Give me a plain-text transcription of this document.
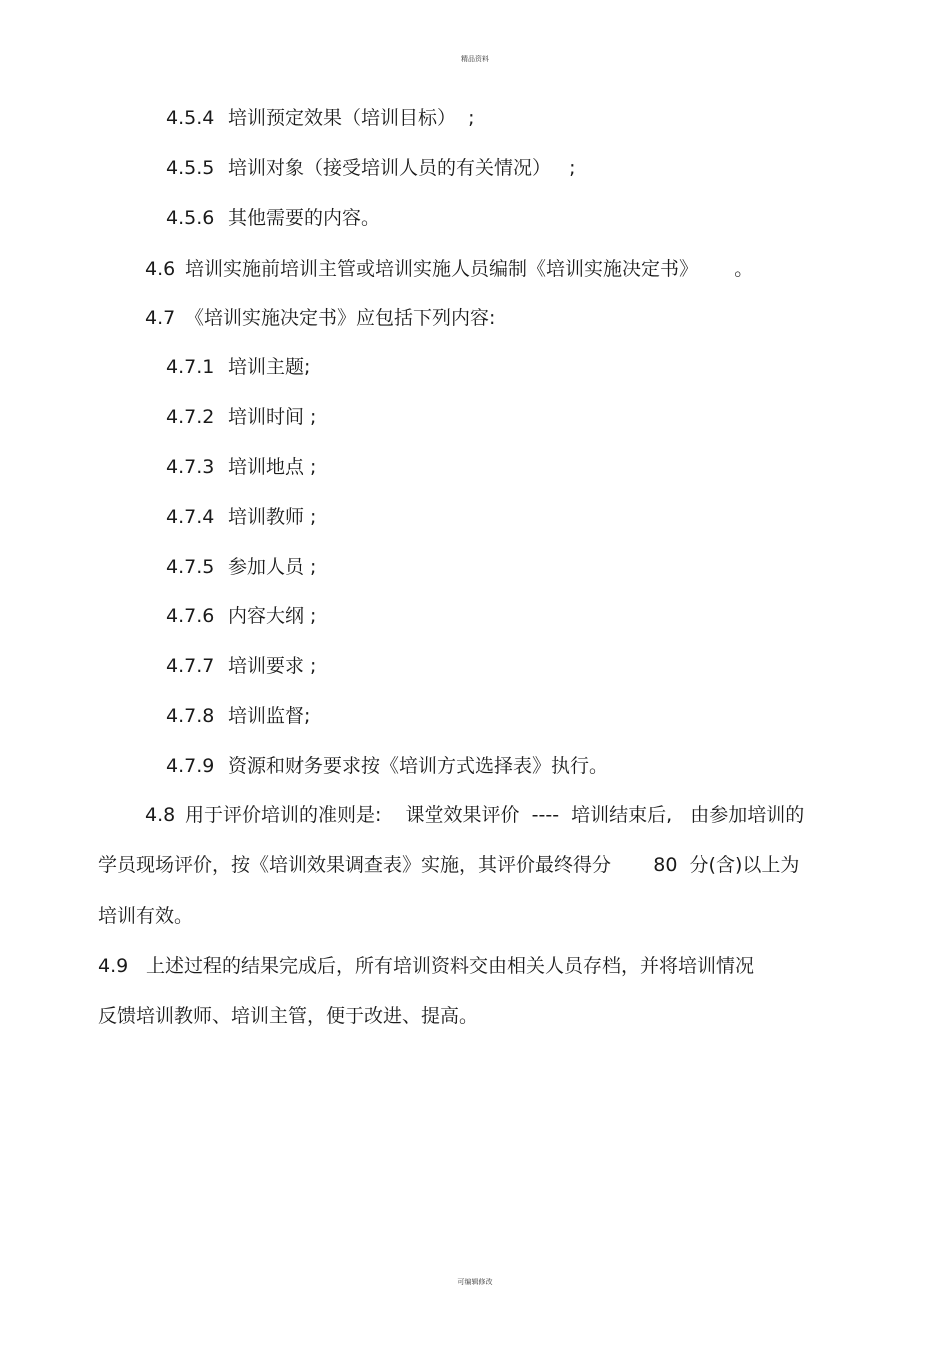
精品资料
4.5.4 培训预定效果（培训目标）  ;
4.5.5 培训对象（接受培训人员的有关情况）   ;
4.5.6 其他需要的内容。
4.6 培训实施前培训主管或培训实施人员编制《培训实施决定书》      。
4.7 《培训实施决定书》应包括下列内容:
4.7.1 培训主题;
4.7.2 培训时间 ;
4.7.3 培训地点 ;
4.7.4 培训教师 ;
4.7.5 参加人员 ;
4.7.6 内容大纲 ;
4.7.7 培训要求 ;
4.7.8 培训监督;
4.7.9 资源和财务要求按《培训方式选择表》执行。
4.8 用于评价培训的准则是:    课堂效果评价  ----  培训结束后,   由参加培训的
学员现场评价，按《培训效果调查表》实施，其评价最终得分       80  分(含)以上为
培训有效。
4.9 上述过程的结果完成后，所有培训资料交由相关人员存档，并将培训情况
反馈培训教师、培训主管，便于改进、提高。
可编辑修改
